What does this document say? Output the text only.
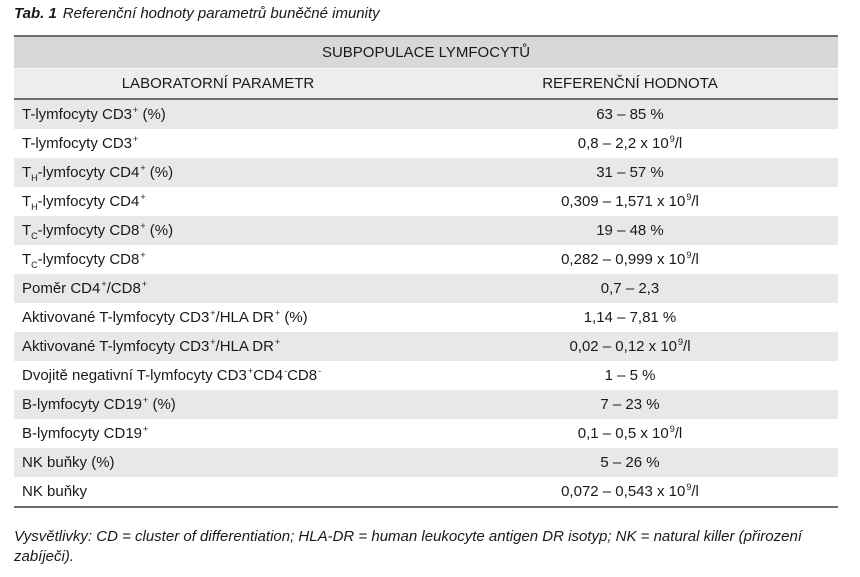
Tab. 1 Referenční hodnoty parametrů buněčné imunity
SUBPOPULACE LYMFOCYTŮ
LABORATORNÍ PARAMETR	REFERENČNÍ HODNOTA
T-lymfocyty CD3+ (%)	63 – 85 %
T-lymfocyty CD3+	0,8 – 2,2 x $10^9/l$
$T_H$-lymfocyty CD4+ (%)	31 – 57 %
$T_H$-lymfocyty CD4+	0,309 – 1,571 x $10^9/l$
$T_C$-lymfocyty CD8+ (%)	19 – 48 %
$T_C$-lymfocyty CD8+	0,282 – 0,999 x $10^9/l$
Poměr CD4+/CD8+	0,7 – 2,3
Aktivované T-lymfocyty CD3+/HLA DR+ (%)	1,14 – 7,81 %
Aktivované T-lymfocyty CD3+/HLA DR+	0,02 – 0,12 x $10^9/l$
Dvojitě negativní T-lymfocyty CD3+CD4-CD8-	1 – 5 %
B-lymfocyty CD19+ (%)	7 – 23 %
B-lymfocyty CD19+	0,1 – 0,5 x $10^9/l$
NK buňky (%)	5 – 26 %
NK buňky	0,072 – 0,543 x $10^9/l$
Vysvětlivky: CD = cluster of differentiation; HLA-DR = human leukocyte antigen DR isotyp; NK = natural killer (přirození zabíječi).
